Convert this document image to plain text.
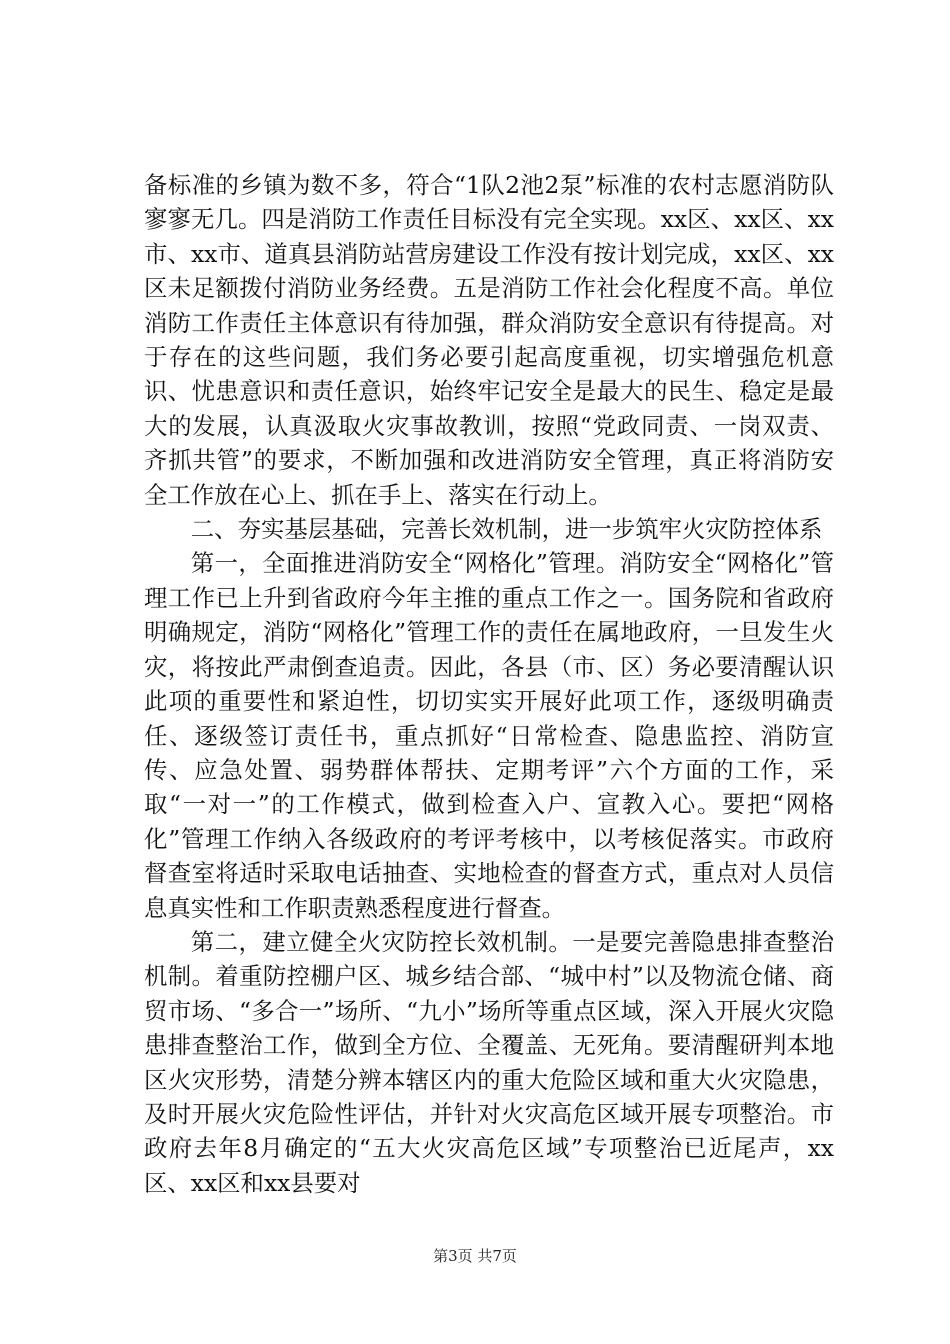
备标准的乡镇为数不多，符合“1队2池2泵”标准的农村志愿消防队寥寥无几。四是消防工作责任目标没有完全实现。xx区、xx区、xx市、xx市、道真县消防站营房建设工作没有按计划完成，xx区、xx区未足额拨付消防业务经费。五是消防工作社会化程度不高。单位消防工作责任主体意识有待加强，群众消防安全意识有待提高。对于存在的这些问题，我们务必要引起高度重视，切实增强危机意识、忧患意识和责任意识，始终牢记安全是最大的民生、稳定是最大的发展，认真汲取火灾事故教训，按照“党政同责、一岗双责、齐抓共管”的要求，不断加强和改进消防安全管理，真正将消防安全工作放在心上、抓在手上、落实在行动上。

二、夯实基层基础，完善长效机制，进一步筑牢火灾防控体系

第一，全面推进消防安全“网格化”管理。消防安全“网格化”管理工作已上升到省政府今年主推的重点工作之一。国务院和省政府明确规定，消防“网格化”管理工作的责任在属地政府，一旦发生火灾，将按此严肃倒查追责。因此，各县（市、区）务必要清醒认识此项的重要性和紧迫性，切切实实开展好此项工作，逐级明确责任、逐级签订责任书，重点抓好“日常检查、隐患监控、消防宣传、应急处置、弱势群体帮扶、定期考评”六个方面的工作，采取“一对一”的工作模式，做到检查入户、宣教入心。要把“网格化”管理工作纳入各级政府的考评考核中，以考核促落实。市政府督查室将适时采取电话抽查、实地检查的督查方式，重点对人员信息真实性和工作职责熟悉程度进行督查。

第二，建立健全火灾防控长效机制。一是要完善隐患排查整治机制。着重防控棚户区、城乡结合部、“城中村”以及物流仓储、商贸市场、“多合一”场所、“九小”场所等重点区域，深入开展火灾隐患排查整治工作，做到全方位、全覆盖、无死角。要清醒研判本地区火灾形势，清楚分辨本辖区内的重大危险区域和重大火灾隐患，及时开展火灾危险性评估，并针对火灾高危区域开展专项整治。市政府去年8月确定的“五大火灾高危区域”专项整治已近尾声，xx区、xx区和xx县要对

第3页 共7页
